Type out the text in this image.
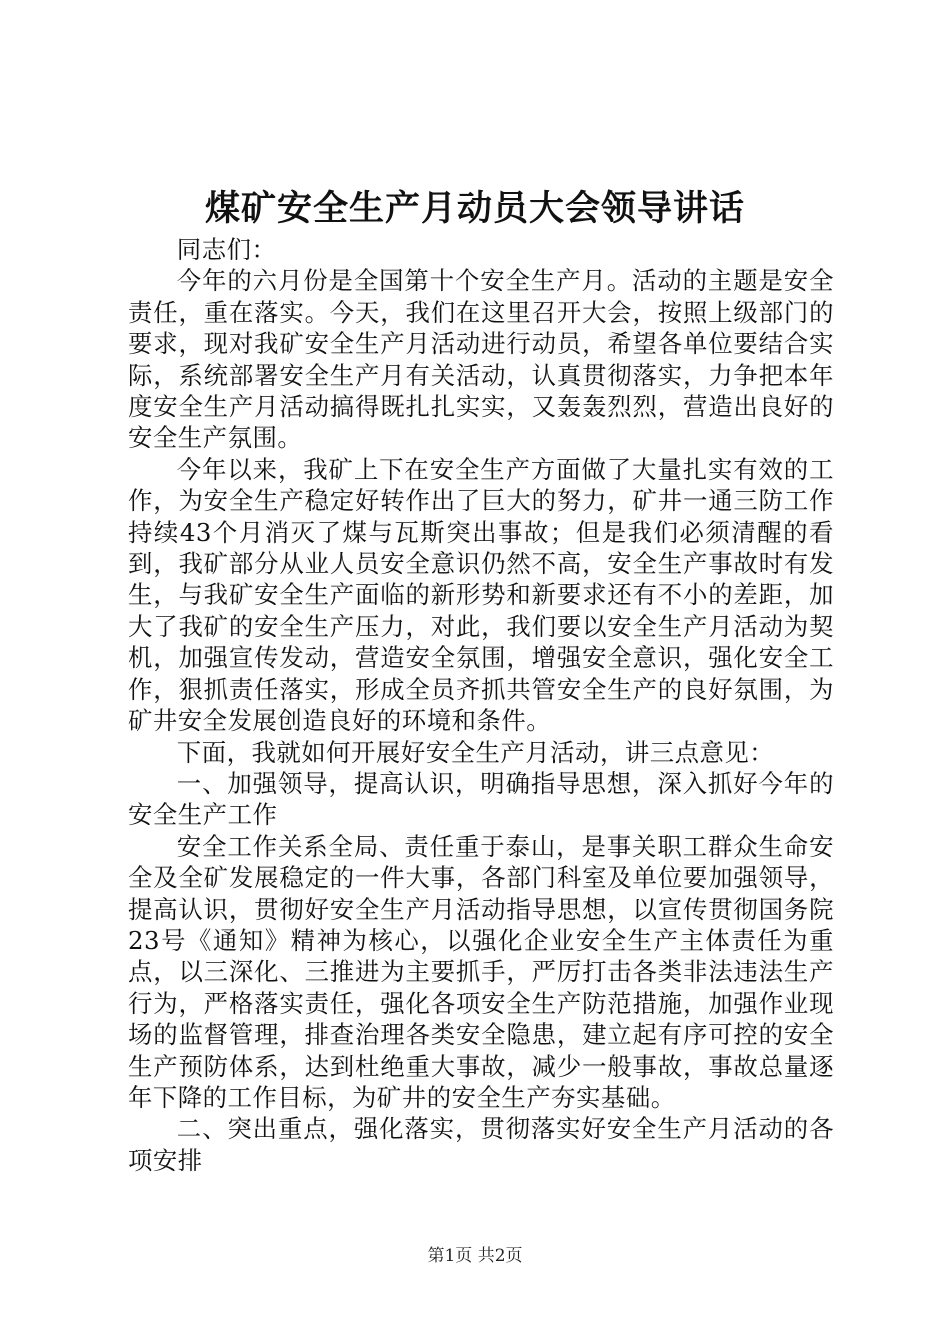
煤矿安全生产月动员大会领导讲话

同志们：

今年的六月份是全国第十个安全生产月。活动的主题是安全责任，重在落实。今天，我们在这里召开大会，按照上级部门的要求，现对我矿安全生产月活动进行动员，希望各单位要结合实际，系统部署安全生产月有关活动，认真贯彻落实，力争把本年度安全生产月活动搞得既扎扎实实，又轰轰烈烈，营造出良好的安全生产氛围。

今年以来，我矿上下在安全生产方面做了大量扎实有效的工作，为安全生产稳定好转作出了巨大的努力，矿井一通三防工作持续43个月消灭了煤与瓦斯突出事故；但是我们必须清醒的看到，我矿部分从业人员安全意识仍然不高，安全生产事故时有发生，与我矿安全生产面临的新形势和新要求还有不小的差距，加大了我矿的安全生产压力，对此，我们要以安全生产月活动为契机，加强宣传发动，营造安全氛围，增强安全意识，强化安全工作，狠抓责任落实，形成全员齐抓共管安全生产的良好氛围，为矿井安全发展创造良好的环境和条件。

下面，我就如何开展好安全生产月活动，讲三点意见：

一、加强领导，提高认识，明确指导思想，深入抓好今年的安全生产工作

安全工作关系全局、责任重于泰山，是事关职工群众生命安全及全矿发展稳定的一件大事，各部门科室及单位要加强领导，提高认识，贯彻好安全生产月活动指导思想，以宣传贯彻国务院23号《通知》精神为核心，以强化企业安全生产主体责任为重点，以三深化、三推进为主要抓手，严厉打击各类非法违法生产行为，严格落实责任，强化各项安全生产防范措施，加强作业现场的监督管理，排查治理各类安全隐患，建立起有序可控的安全生产预防体系，达到杜绝重大事故，减少一般事故，事故总量逐年下降的工作目标，为矿井的安全生产夯实基础。

二、突出重点，强化落实，贯彻落实好安全生产月活动的各项安排

第1页 共2页
